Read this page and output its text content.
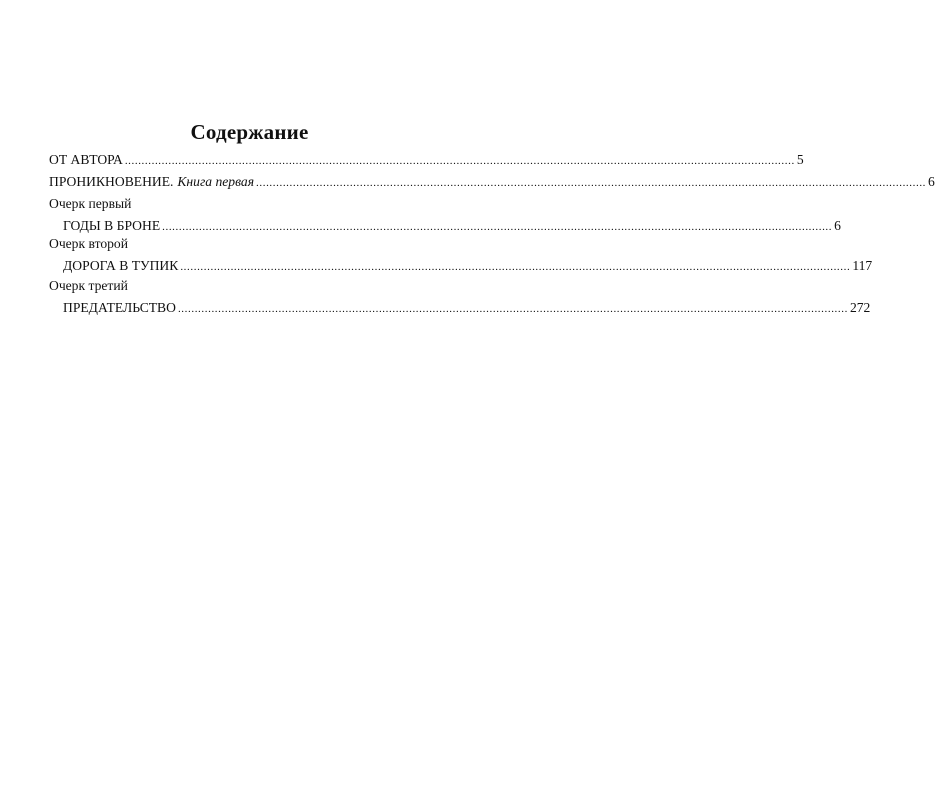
Содержание
ОТ АВТОРА ........................................................................................................................................................................................................ 5
ПРОНИКНОВЕНИЕ. Книга первая ........................................................................................................................................................................................................ 6
Очерк первый
ГОДЫ В БРОНЕ ........................................................................................................................................................................................................ 6
Очерк второй
ДОРОГА В ТУПИК ........................................................................................................................................................................................................ 117
Очерк третий
ПРЕДАТЕЛЬСТВО ........................................................................................................................................................................................................ 272
